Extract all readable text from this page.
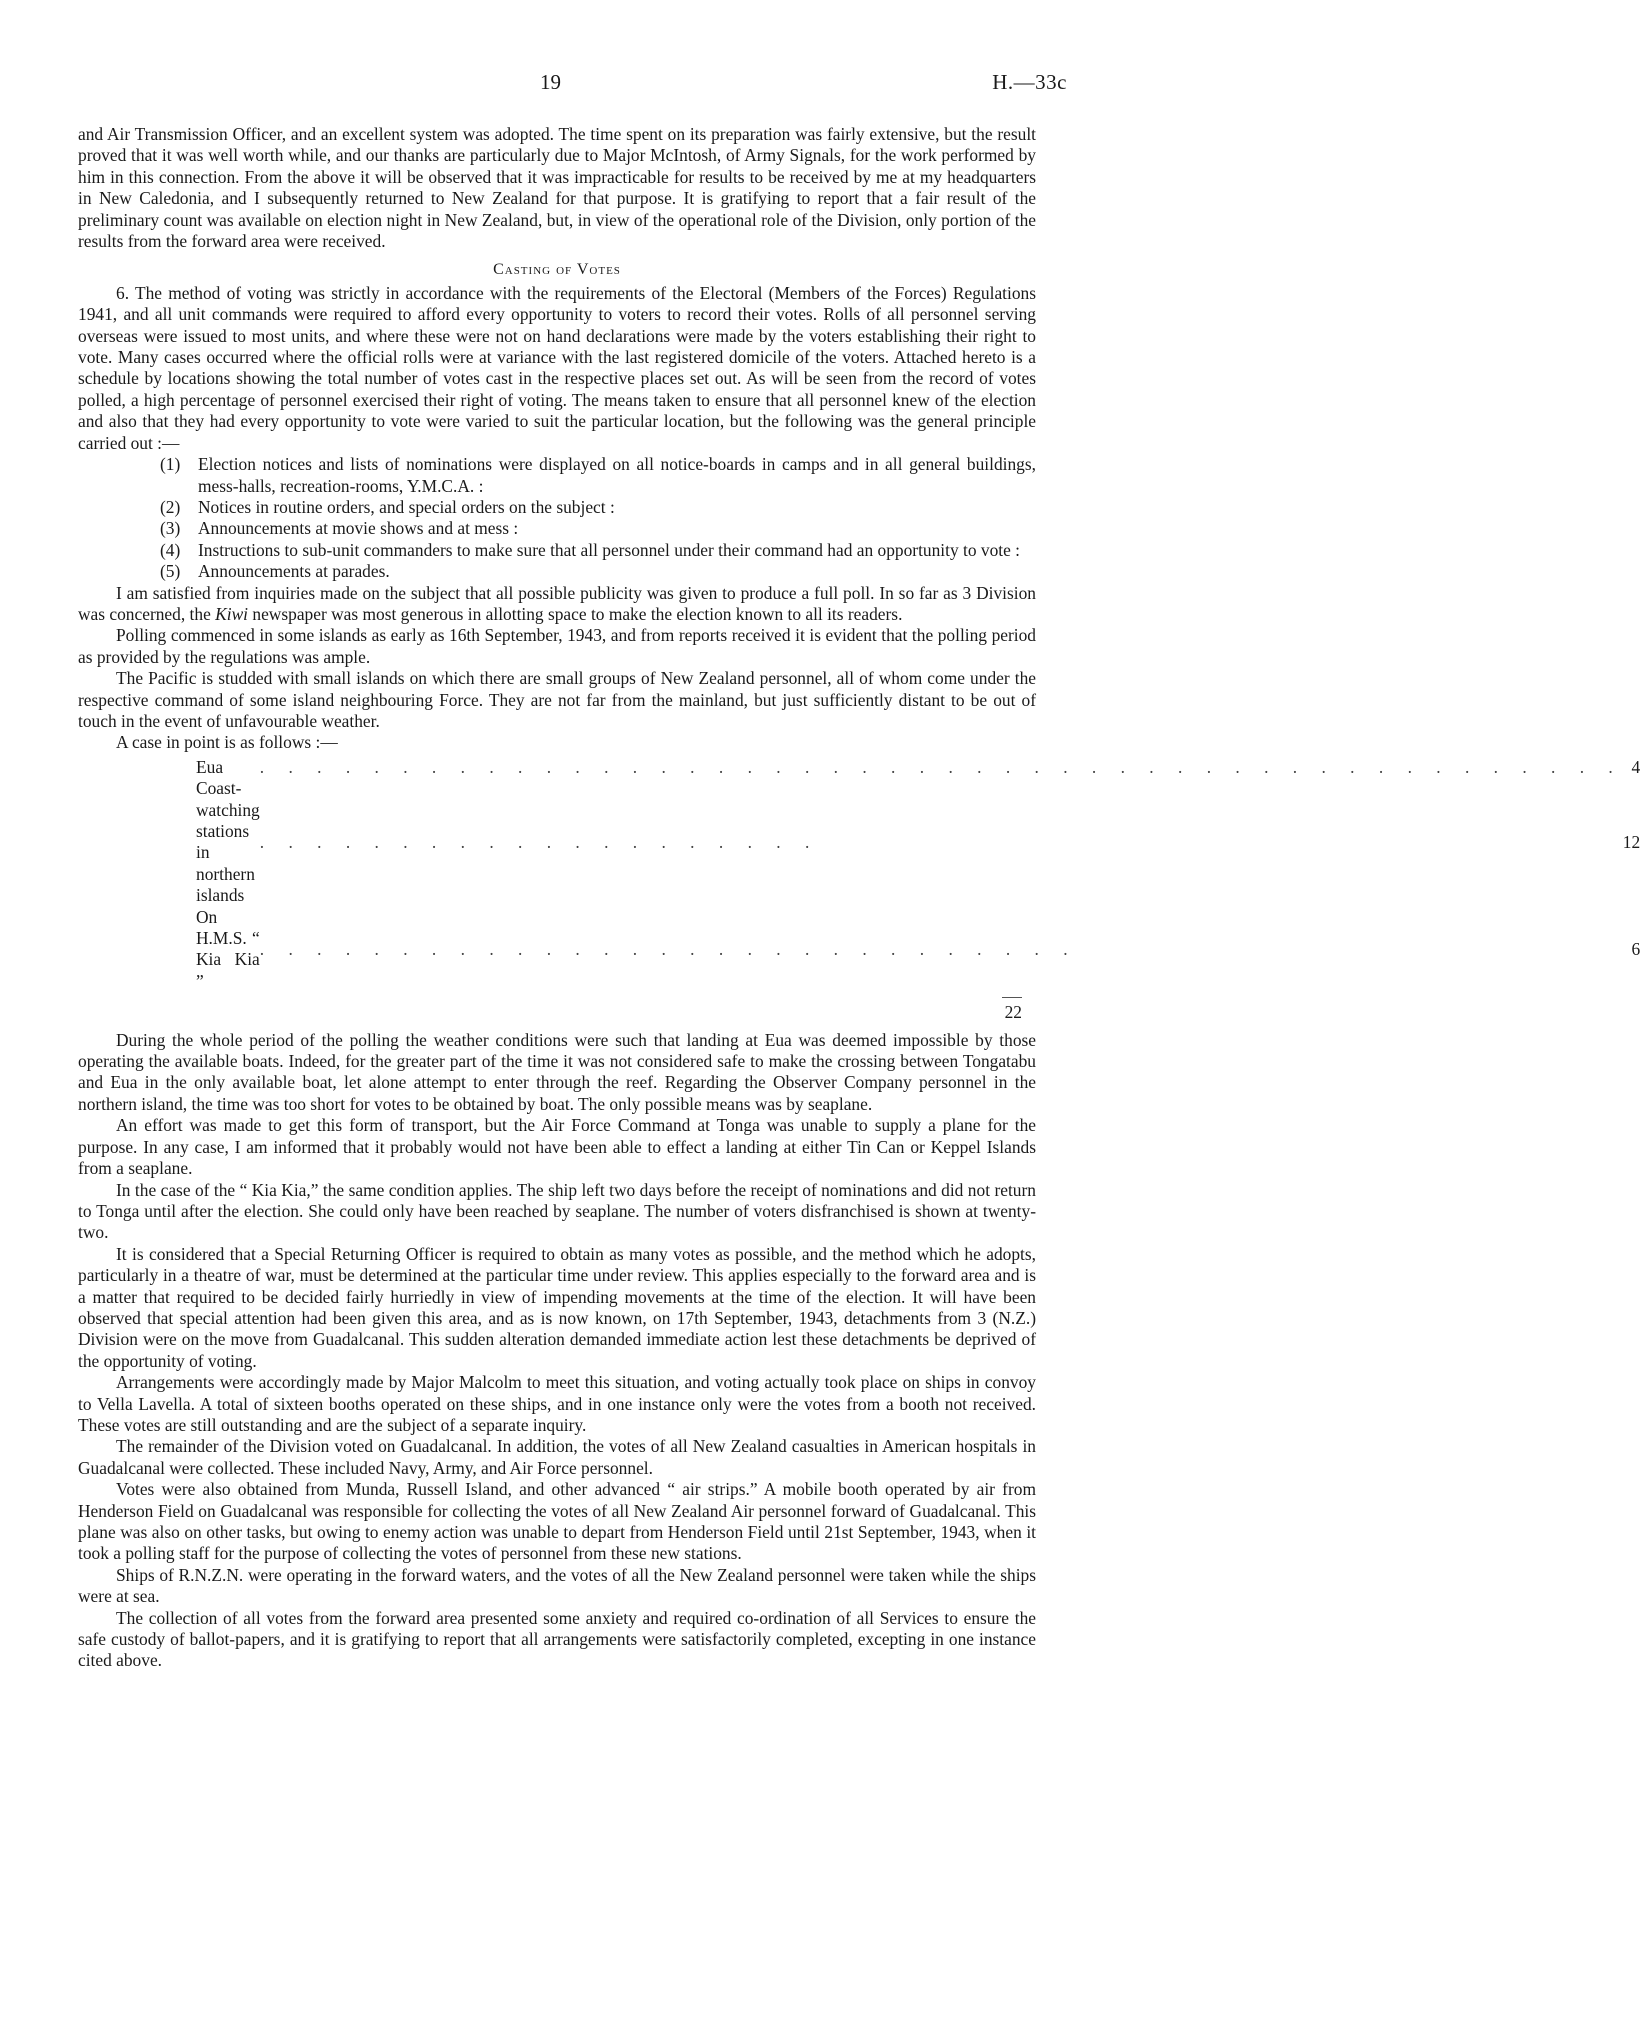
19	H.—33c

and Air Transmission Officer, and an excellent system was adopted. The time spent on its preparation was fairly extensive, but the result proved that it was well worth while, and our thanks are particularly due to Major McIntosh, of Army Signals, for the work performed by him in this connection. From the above it will be observed that it was impracticable for results to be received by me at my headquarters in New Caledonia, and I subsequently returned to New Zealand for that purpose. It is gratifying to report that a fair result of the preliminary count was available on election night in New Zealand, but, in view of the operational role of the Division, only portion of the results from the forward area were received.

Casting of Votes

6. The method of voting was strictly in accordance with the requirements of the Electoral (Members of the Forces) Regulations 1941, and all unit commands were required to afford every opportunity to voters to record their votes. Rolls of all personnel serving overseas were issued to most units, and where these were not on hand declarations were made by the voters establishing their right to vote. Many cases occurred where the official rolls were at variance with the last registered domicile of the voters. Attached hereto is a schedule by locations showing the total number of votes cast in the respective places set out. As will be seen from the record of votes polled, a high percentage of personnel exercised their right of voting. The means taken to ensure that all personnel knew of the election and also that they had every opportunity to vote were varied to suit the particular location, but the following was the general principle carried out :—

(1) Election notices and lists of nominations were displayed on all notice-boards in camps and in all general buildings, mess-halls, recreation-rooms, Y.M.C.A. :
(2) Notices in routine orders, and special orders on the subject :
(3) Announcements at movie shows and at mess :
(4) Instructions to sub-unit commanders to make sure that all personnel under their command had an opportunity to vote :
(5) Announcements at parades.

I am satisfied from inquiries made on the subject that all possible publicity was given to produce a full poll. In so far as 3 Division was concerned, the Kiwi newspaper was most generous in allotting space to make the election known to all its readers.

Polling commenced in some islands as early as 16th September, 1943, and from reports received it is evident that the polling period as provided by the regulations was ample.

The Pacific is studded with small islands on which there are small groups of New Zealand personnel, all of whom come under the respective command of some island neighbouring Force. They are not far from the mainland, but just sufficiently distant to be out of touch in the event of unfavourable weather.

A case in point is as follows :—

Eua	. . . . . . . . . . . . . . . . . . . . . . . . . . . . . . . . . . . . . . . . . . . . . . . .	4
Coast-watching stations in northern islands	. . . . . . . . . . . . . . . . . . . .	12
On H.M.S. “ Kia Kia ”	. . . . . . . . . . . . . . . . . . . . . . . . . . . . .	6
22

During the whole period of the polling the weather conditions were such that landing at Eua was deemed impossible by those operating the available boats. Indeed, for the greater part of the time it was not considered safe to make the crossing between Tongatabu and Eua in the only available boat, let alone attempt to enter through the reef. Regarding the Observer Company personnel in the northern island, the time was too short for votes to be obtained by boat. The only possible means was by seaplane.

An effort was made to get this form of transport, but the Air Force Command at Tonga was unable to supply a plane for the purpose. In any case, I am informed that it probably would not have been able to effect a landing at either Tin Can or Keppel Islands from a seaplane.

In the case of the “ Kia Kia,” the same condition applies. The ship left two days before the receipt of nominations and did not return to Tonga until after the election. She could only have been reached by seaplane. The number of voters disfranchised is shown at twenty-two.

It is considered that a Special Returning Officer is required to obtain as many votes as possible, and the method which he adopts, particularly in a theatre of war, must be determined at the particular time under review. This applies especially to the forward area and is a matter that required to be decided fairly hurriedly in view of impending movements at the time of the election. It will have been observed that special attention had been given this area, and as is now known, on 17th September, 1943, detachments from 3 (N.Z.) Division were on the move from Guadalcanal. This sudden alteration demanded immediate action lest these detachments be deprived of the opportunity of voting.

Arrangements were accordingly made by Major Malcolm to meet this situation, and voting actually took place on ships in convoy to Vella Lavella. A total of sixteen booths operated on these ships, and in one instance only were the votes from a booth not received. These votes are still outstanding and are the subject of a separate inquiry.

The remainder of the Division voted on Guadalcanal. In addition, the votes of all New Zealand casualties in American hospitals in Guadalcanal were collected. These included Navy, Army, and Air Force personnel.

Votes were also obtained from Munda, Russell Island, and other advanced “ air strips.” A mobile booth operated by air from Henderson Field on Guadalcanal was responsible for collecting the votes of all New Zealand Air personnel forward of Guadalcanal. This plane was also on other tasks, but owing to enemy action was unable to depart from Henderson Field until 21st September, 1943, when it took a polling staff for the purpose of collecting the votes of personnel from these new stations.

Ships of R.N.Z.N. were operating in the forward waters, and the votes of all the New Zealand personnel were taken while the ships were at sea.

The collection of all votes from the forward area presented some anxiety and required co-ordination of all Services to ensure the safe custody of ballot-papers, and it is gratifying to report that all arrangements were satisfactorily completed, excepting in one instance cited above.
